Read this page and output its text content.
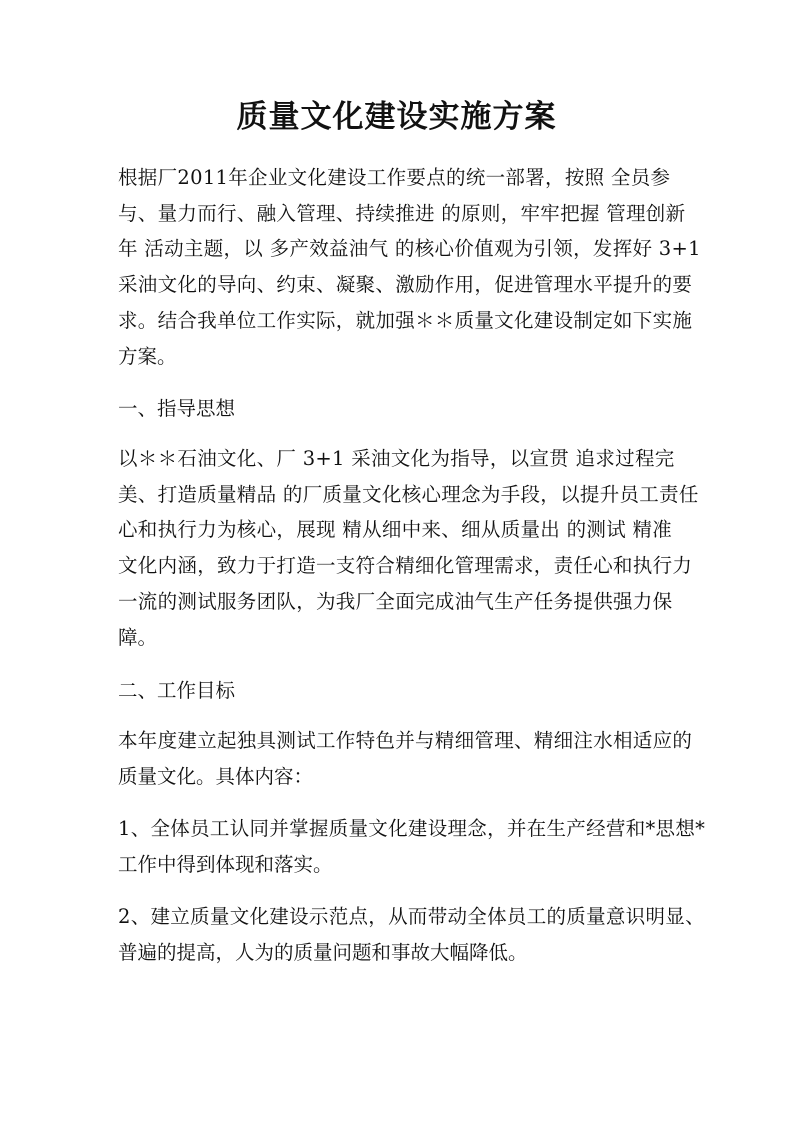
质量文化建设实施方案

根据厂2011年企业文化建设工作要点的统一部署，按照 全员参

与、量力而行、融入管理、持续推进 的原则，牢牢把握 管理创新

年 活动主题，以 多产效益油气 的核心价值观为引领，发挥好 3+1

采油文化的导向、约束、凝聚、激励作用，促进管理水平提升的要

求。结合我单位工作实际，就加强＊＊质量文化建设制定如下实施

方案。

一、指导思想

以＊＊石油文化、厂 3+1 采油文化为指导，以宣贯 追求过程完

美、打造质量精品 的厂质量文化核心理念为手段，以提升员工责任

心和执行力为核心，展现 精从细中来、细从质量出 的测试 精准

文化内涵，致力于打造一支符合精细化管理需求，责任心和执行力

一流的测试服务团队，为我厂全面完成油气生产任务提供强力保

障。

二、工作目标

本年度建立起独具测试工作特色并与精细管理、精细注水相适应的

质量文化。具体内容：

1、全体员工认同并掌握质量文化建设理念，并在生产经营和*思想*

工作中得到体现和落实。

2、建立质量文化建设示范点，从而带动全体员工的质量意识明显、

普遍的提高，人为的质量问题和事故大幅降低。
